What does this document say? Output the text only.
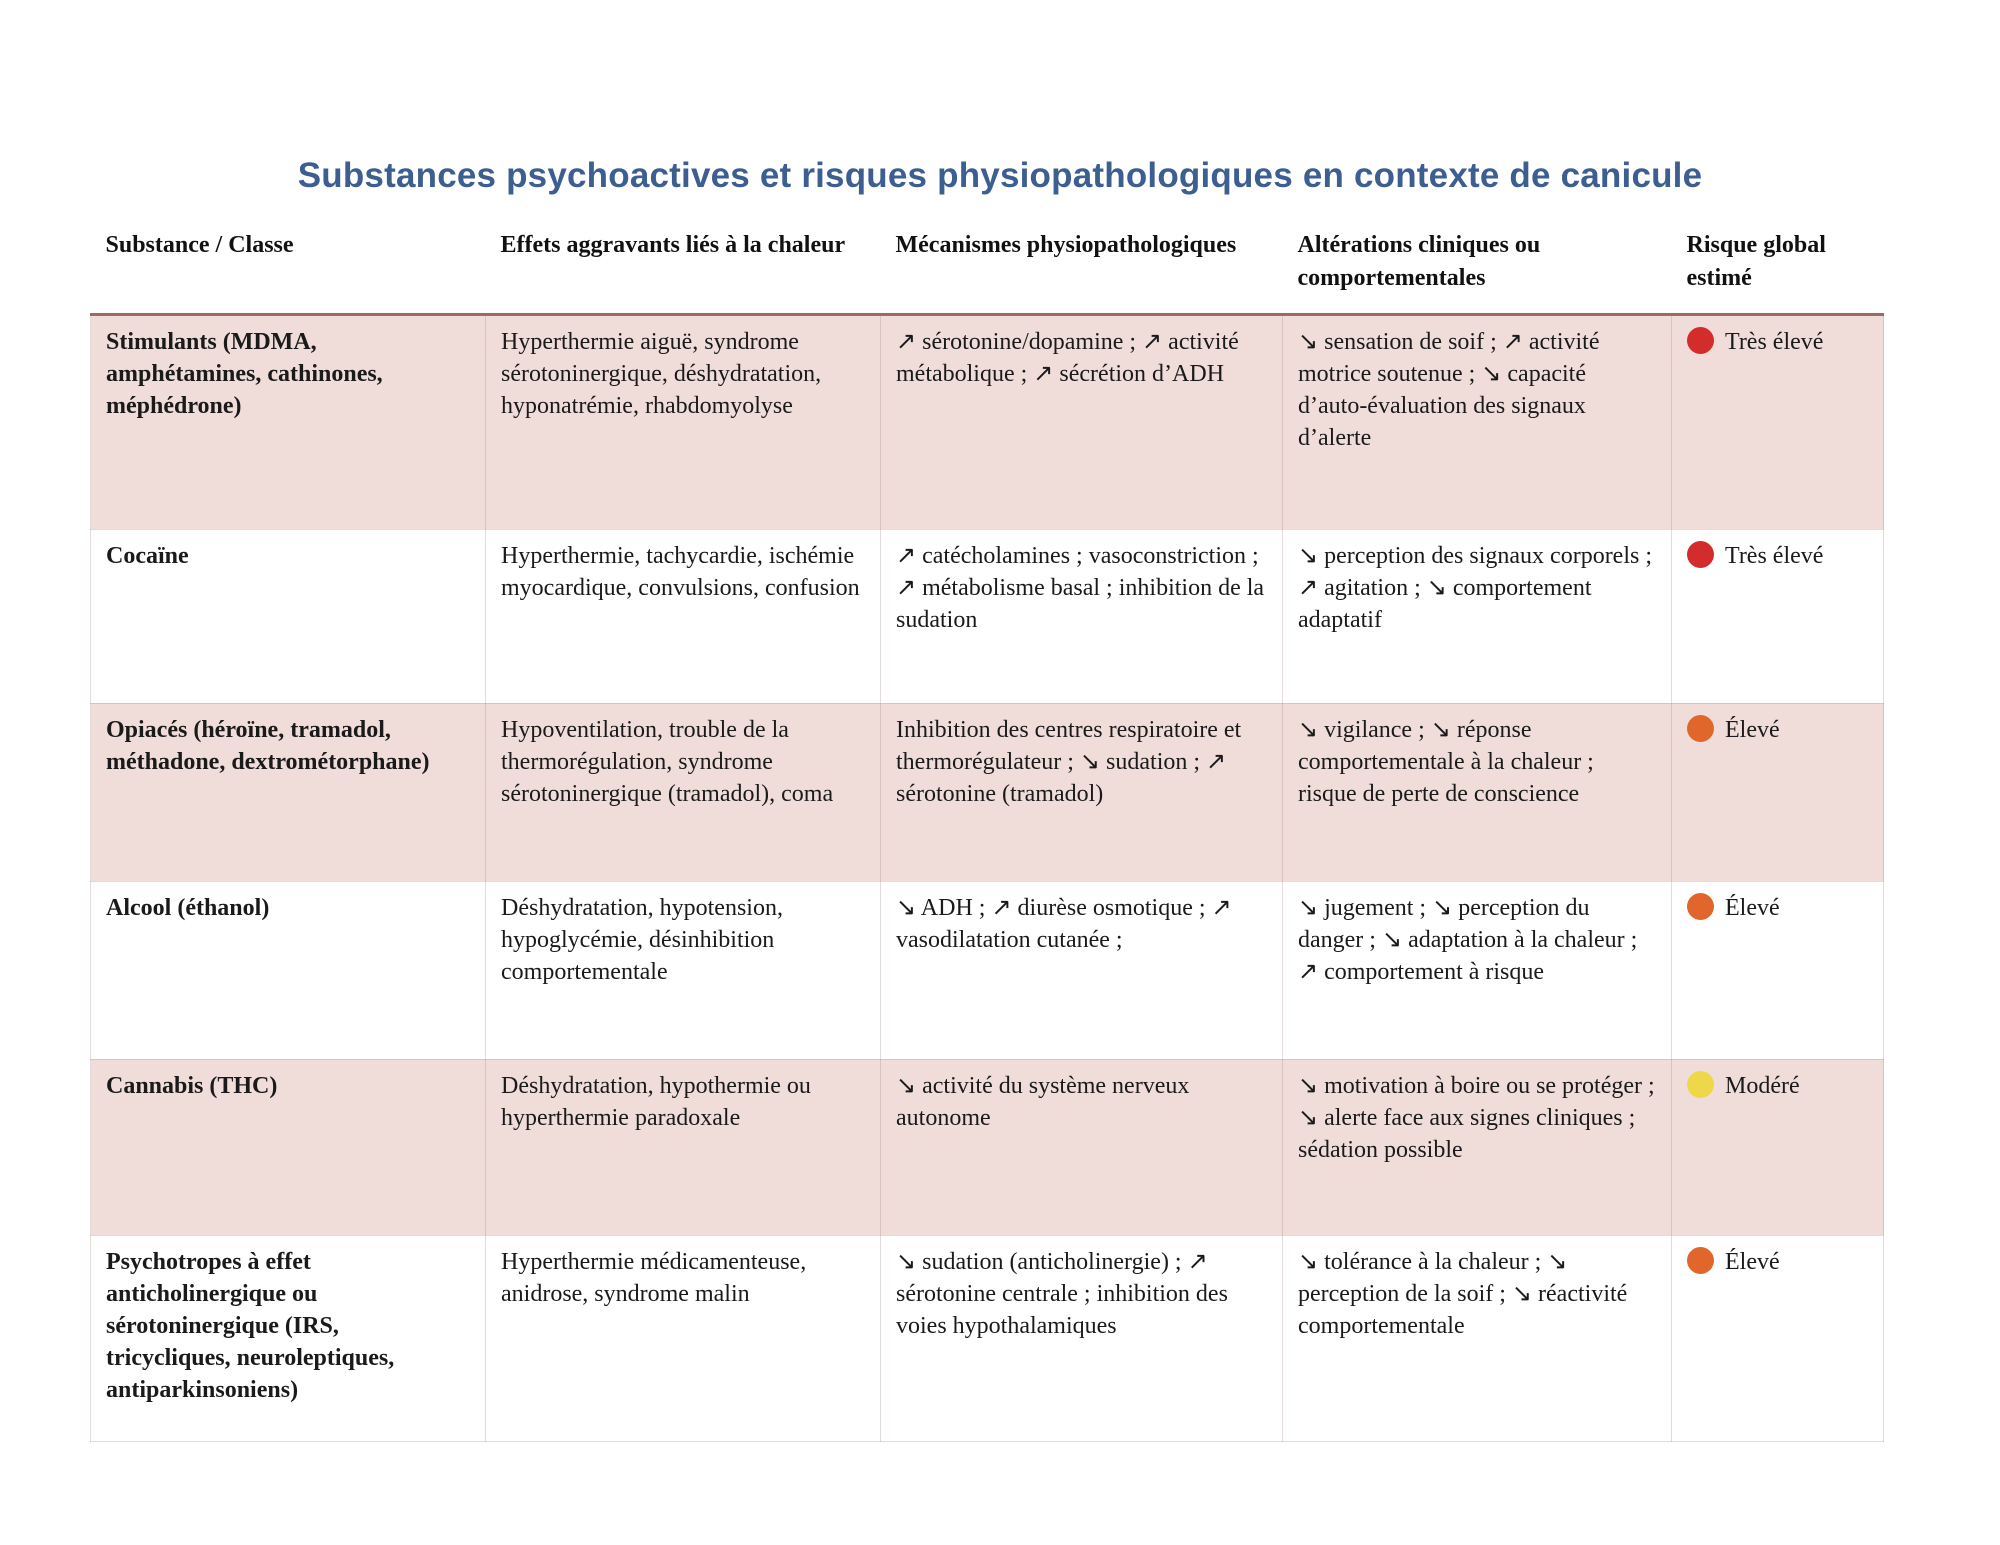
Substances psychoactives et risques physiopathologiques en contexte de canicule
Substance / Classe	Effets aggravants liés à la chaleur	Mécanismes physiopathologiques	Altérations cliniques ou comportementales	Risque global estimé
Stimulants (MDMA, amphétamines, cathinones, méphédrone)	Hyperthermie aiguë, syndrome sérotoninergique, déshydratation, hyponatrémie, rhabdomyolyse	↗ sérotonine/dopamine ; ↗ activité métabolique ; ↗ sécrétion d’ADH	↘ sensation de soif ; ↗ activité motrice soutenue ; ↘ capacité d’auto-évaluation des signaux d’alerte	Très élevé
Cocaïne	Hyperthermie, tachycardie, ischémie myocardique, convulsions, confusion	↗ catécholamines ; vasoconstriction ; ↗ métabolisme basal ; inhibition de la sudation	↘ perception des signaux corporels ; ↗ agitation ; ↘ comportement adaptatif	Très élevé
Opiacés (héroïne, tramadol, méthadone, dextrométorphane)	Hypoventilation, trouble de la thermorégulation, syndrome sérotoninergique (tramadol), coma	Inhibition des centres respiratoire et thermorégulateur ; ↘ sudation ; ↗ sérotonine (tramadol)	↘ vigilance ; ↘ réponse comportementale à la chaleur ; risque de perte de conscience	Élevé
Alcool (éthanol)	Déshydratation, hypotension, hypoglycémie, désinhibition comportementale	↘ ADH ; ↗ diurèse osmotique ; ↗ vasodilatation cutanée ;	↘ jugement ; ↘ perception du danger ; ↘ adaptation à la chaleur ; ↗ comportement à risque	Élevé
Cannabis (THC)	Déshydratation, hypothermie ou hyperthermie paradoxale	↘ activité du système nerveux autonome	↘ motivation à boire ou se protéger ; ↘ alerte face aux signes cliniques ; sédation possible	Modéré
Psychotropes à effet anticholinergique ou sérotoninergique (IRS, tricycliques, neuroleptiques, antiparkinsoniens)	Hyperthermie médicamenteuse, anidrose, syndrome malin	↘ sudation (anticholinergie) ; ↗ sérotonine centrale ; inhibition des voies hypothalamiques	↘ tolérance à la chaleur ; ↘ perception de la soif ; ↘ réactivité comportementale	Élevé
